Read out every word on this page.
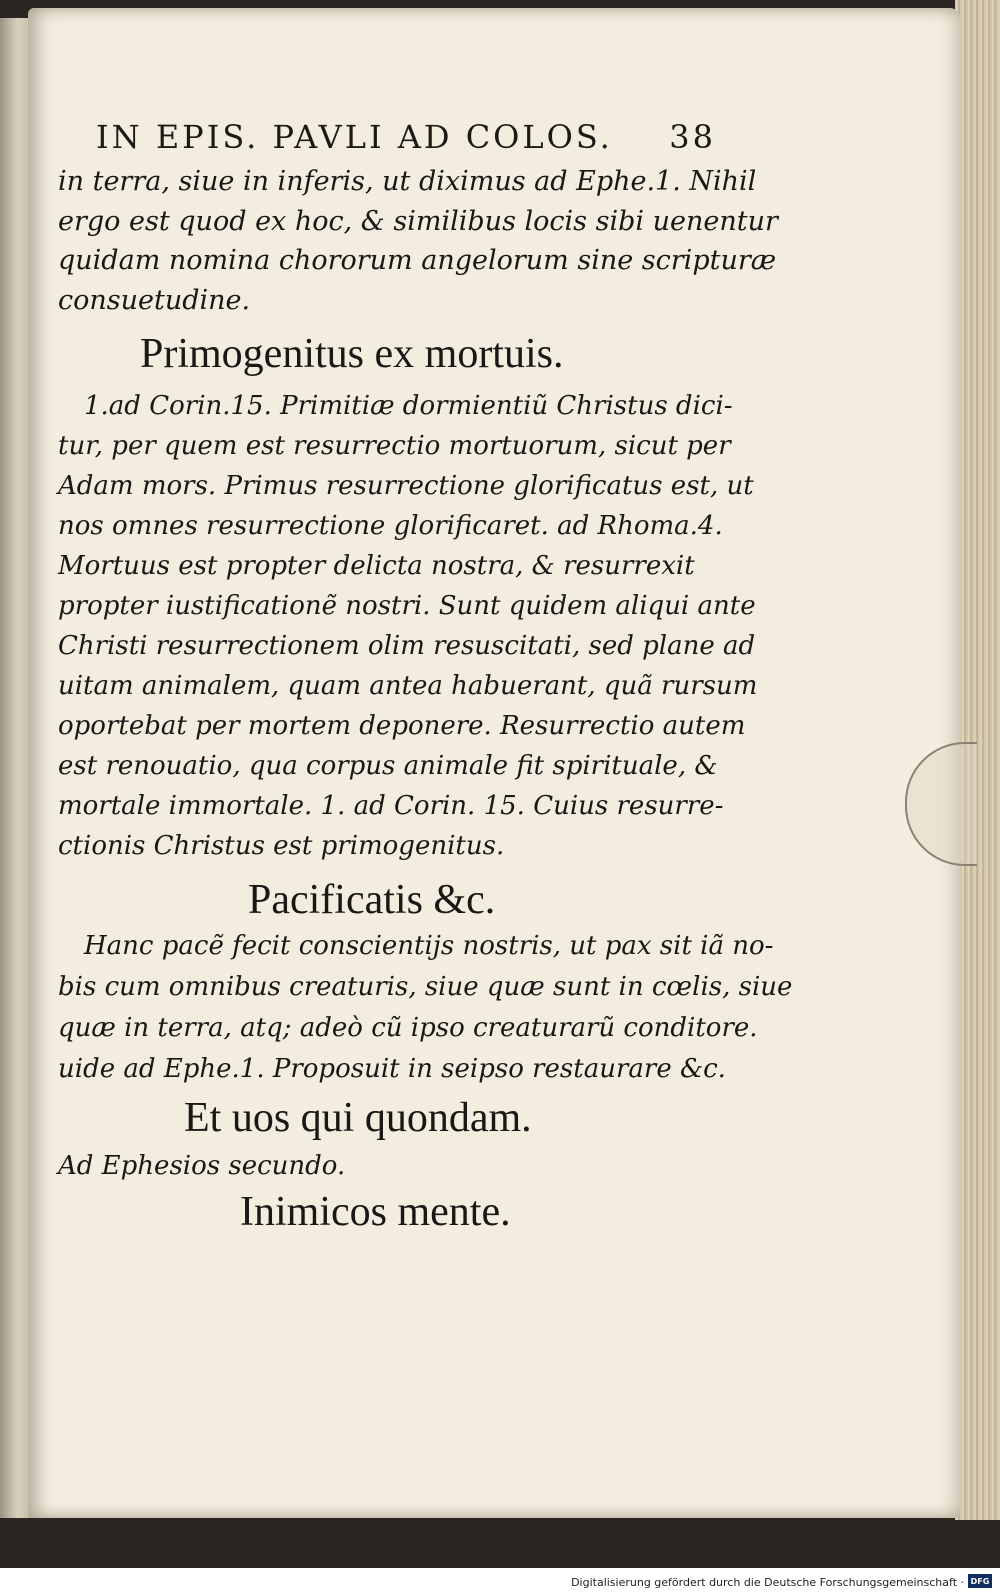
IN EPIS. PAVLI AD COLOS. 38
in terra, siue in inferis, ut diximus ad Ephe.1. Nihil
ergo est quod ex hoc, & similibus locis sibi uenentur
quidam nomina chororum angelorum sine scripturæ
consuetudine.
Primogenitus ex mortuis.
1.ad Corin.15. Primitiæ dormientiũ Christus dici-
tur, per quem est resurrectio mortuorum, sicut per
Adam mors. Primus resurrectione glorificatus est, ut
nos omnes resurrectione glorificaret. ad Rhoma.4.
Mortuus est propter delicta nostra, & resurrexit
propter iustificationẽ nostri. Sunt quidem aliqui ante
Christi resurrectionem olim resuscitati, sed plane ad
uitam animalem, quam antea habuerant, quã rursum
oportebat per mortem deponere. Resurrectio autem
est renouatio, qua corpus animale fit spirituale, &
mortale immortale. 1. ad Corin. 15. Cuius resurre-
ctionis Christus est primogenitus.
Pacificatis &c.
Hanc pacẽ fecit conscientijs nostris, ut pax sit iã no-
bis cum omnibus creaturis, siue quæ sunt in cœlis, siue
quæ in terra, atq; adeò cũ ipso creaturarũ conditore.
uide ad Ephe.1. Proposuit in seipso restaurare &c.
Et uos qui quondam.
Ad Ephesios secundo.
Inimicos mente.
Digitalisierung gefördert durch die Deutsche Forschungsgemeinschaft · DFG
